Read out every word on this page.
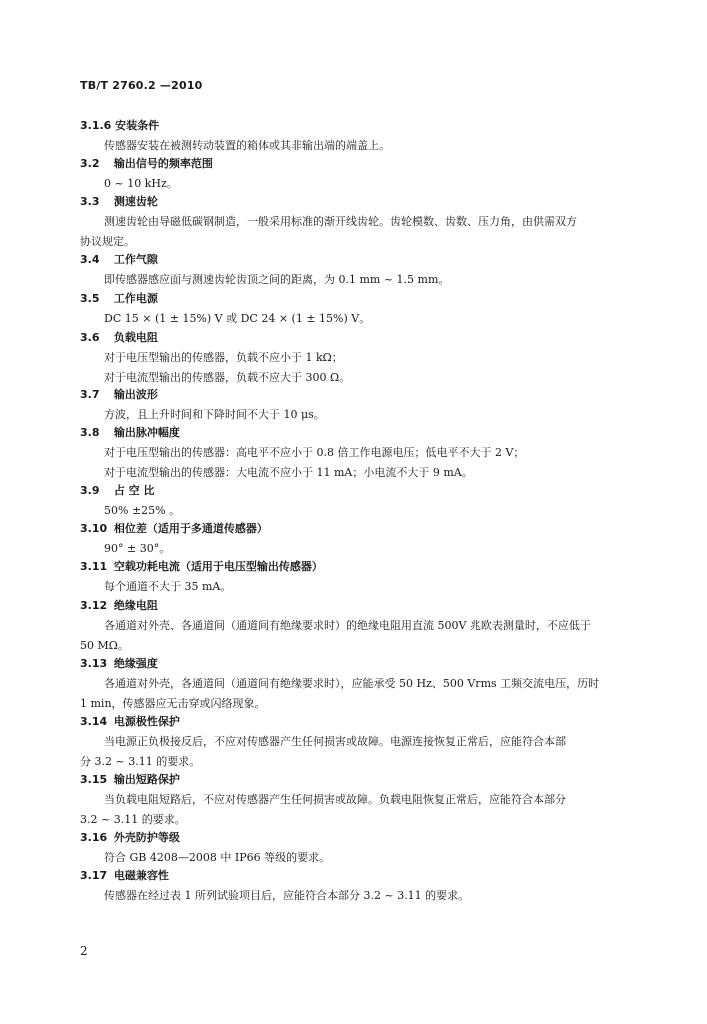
TB/T 2760.2 —2010
3.1.6 安装条件
传感器安装在被测转动装置的箱体或其非输出端的端盖上。
3.2 输出信号的频率范围
0 ~ 10 kHz。
3.3 测速齿轮
测速齿轮由导磁低碳钢制造，一般采用标准的渐开线齿轮。齿轮模数、齿数、压力角，由供需双方
协议规定。
3.4 工作气隙
即传感器感应面与测速齿轮齿顶之间的距离，为 0.1 mm ~ 1.5 mm。
3.5 工作电源
DC 15 × (1 ± 15%) V 或 DC 24 × (1 ± 15%) V。
3.6 负载电阻
对于电压型输出的传感器，负载不应小于 1 kΩ；
对于电流型输出的传感器，负载不应大于 300 Ω。
3.7 输出波形
方波，且上升时间和下降时间不大于 10 μs。
3.8 输出脉冲幅度
对于电压型输出的传感器：高电平不应小于 0.8 倍工作电源电压；低电平不大于 2 V；
对于电流型输出的传感器：大电流不应小于 11 mA；小电流不大于 9 mA。
3.9 占 空 比
50% ±25% 。
3.10 相位差（适用于多通道传感器）
90° ± 30°。
3.11 空载功耗电流（适用于电压型输出传感器）
每个通道不大于 35 mA。
3.12 绝缘电阻
各通道对外壳、各通道间（通道间有绝缘要求时）的绝缘电阻用直流 500V 兆欧表测量时，不应低于
50 MΩ。
3.13 绝缘强度
各通道对外壳，各通道间（通道间有绝缘要求时），应能承受 50 Hz、500 Vrms 工频交流电压，历时
1 min，传感器应无击穿或闪络现象。
3.14 电源极性保护
当电源正负极接反后，不应对传感器产生任何损害或故障。电源连接恢复正常后，应能符合本部
分 3.2 ~ 3.11 的要求。
3.15 输出短路保护
当负载电阻短路后，不应对传感器产生任何损害或故障。负载电阻恢复正常后，应能符合本部分
3.2 ~ 3.11 的要求。
3.16 外壳防护等级
符合 GB 4208—2008 中 IP66 等级的要求。
3.17 电磁兼容性
传感器在经过表 1 所列试验项目后，应能符合本部分 3.2 ~ 3.11 的要求。
2
